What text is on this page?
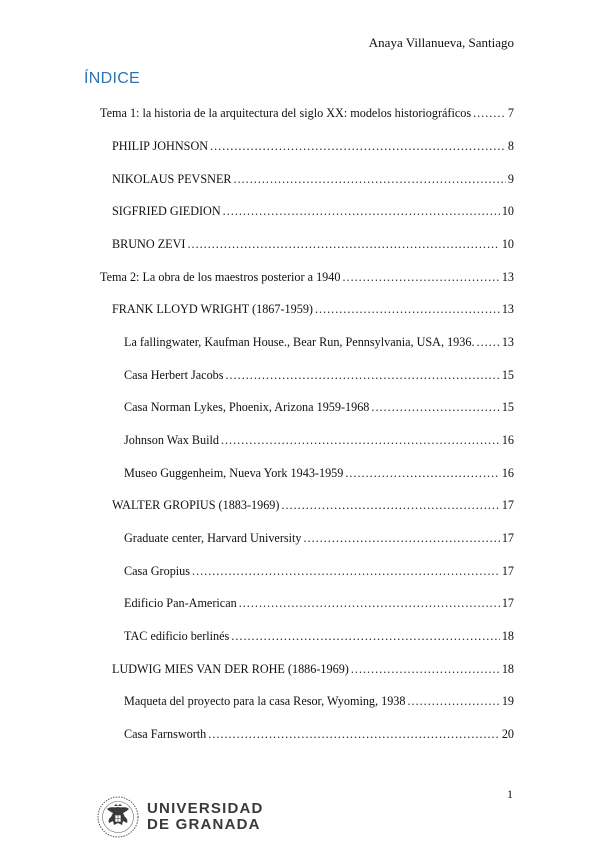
Anaya Villanueva, Santiago
ÍNDICE
Tema 1: la historia de la arquitectura del siglo XX: modelos historiográficos .....	7
PHILIP JOHNSON .....	8
NIKOLAUS PEVSNER .....	9
SIGFRIED GIEDION .....	10
BRUNO ZEVI .....	10
Tema 2: La obra de los maestros posterior a 1940 .....	13
FRANK LLOYD WRIGHT (1867-1959) .....	13
La fallingwater, Kaufman House., Bear Run, Pennsylvania, USA, 1936. ..... 13
Casa Herbert Jacobs .....	15
Casa Norman Lykes, Phoenix, Arizona 1959-1968 .....	15
Johnson Wax Build .....	16
Museo Guggenheim, Nueva York 1943-1959 .....	16
WALTER GROPIUS (1883-1969) .....	17
Graduate center, Harvard University .....	17
Casa Gropius .....	17
Edificio Pan-American .....	17
TAC edificio berlinés .....	18
LUDWIG MIES VAN DER ROHE (1886-1969) .....	18
Maqueta del proyecto para la casa Resor, Wyoming, 1938 .....	19
Casa Farnsworth .....	20
1
UNIVERSIDAD
DE GRANADA
